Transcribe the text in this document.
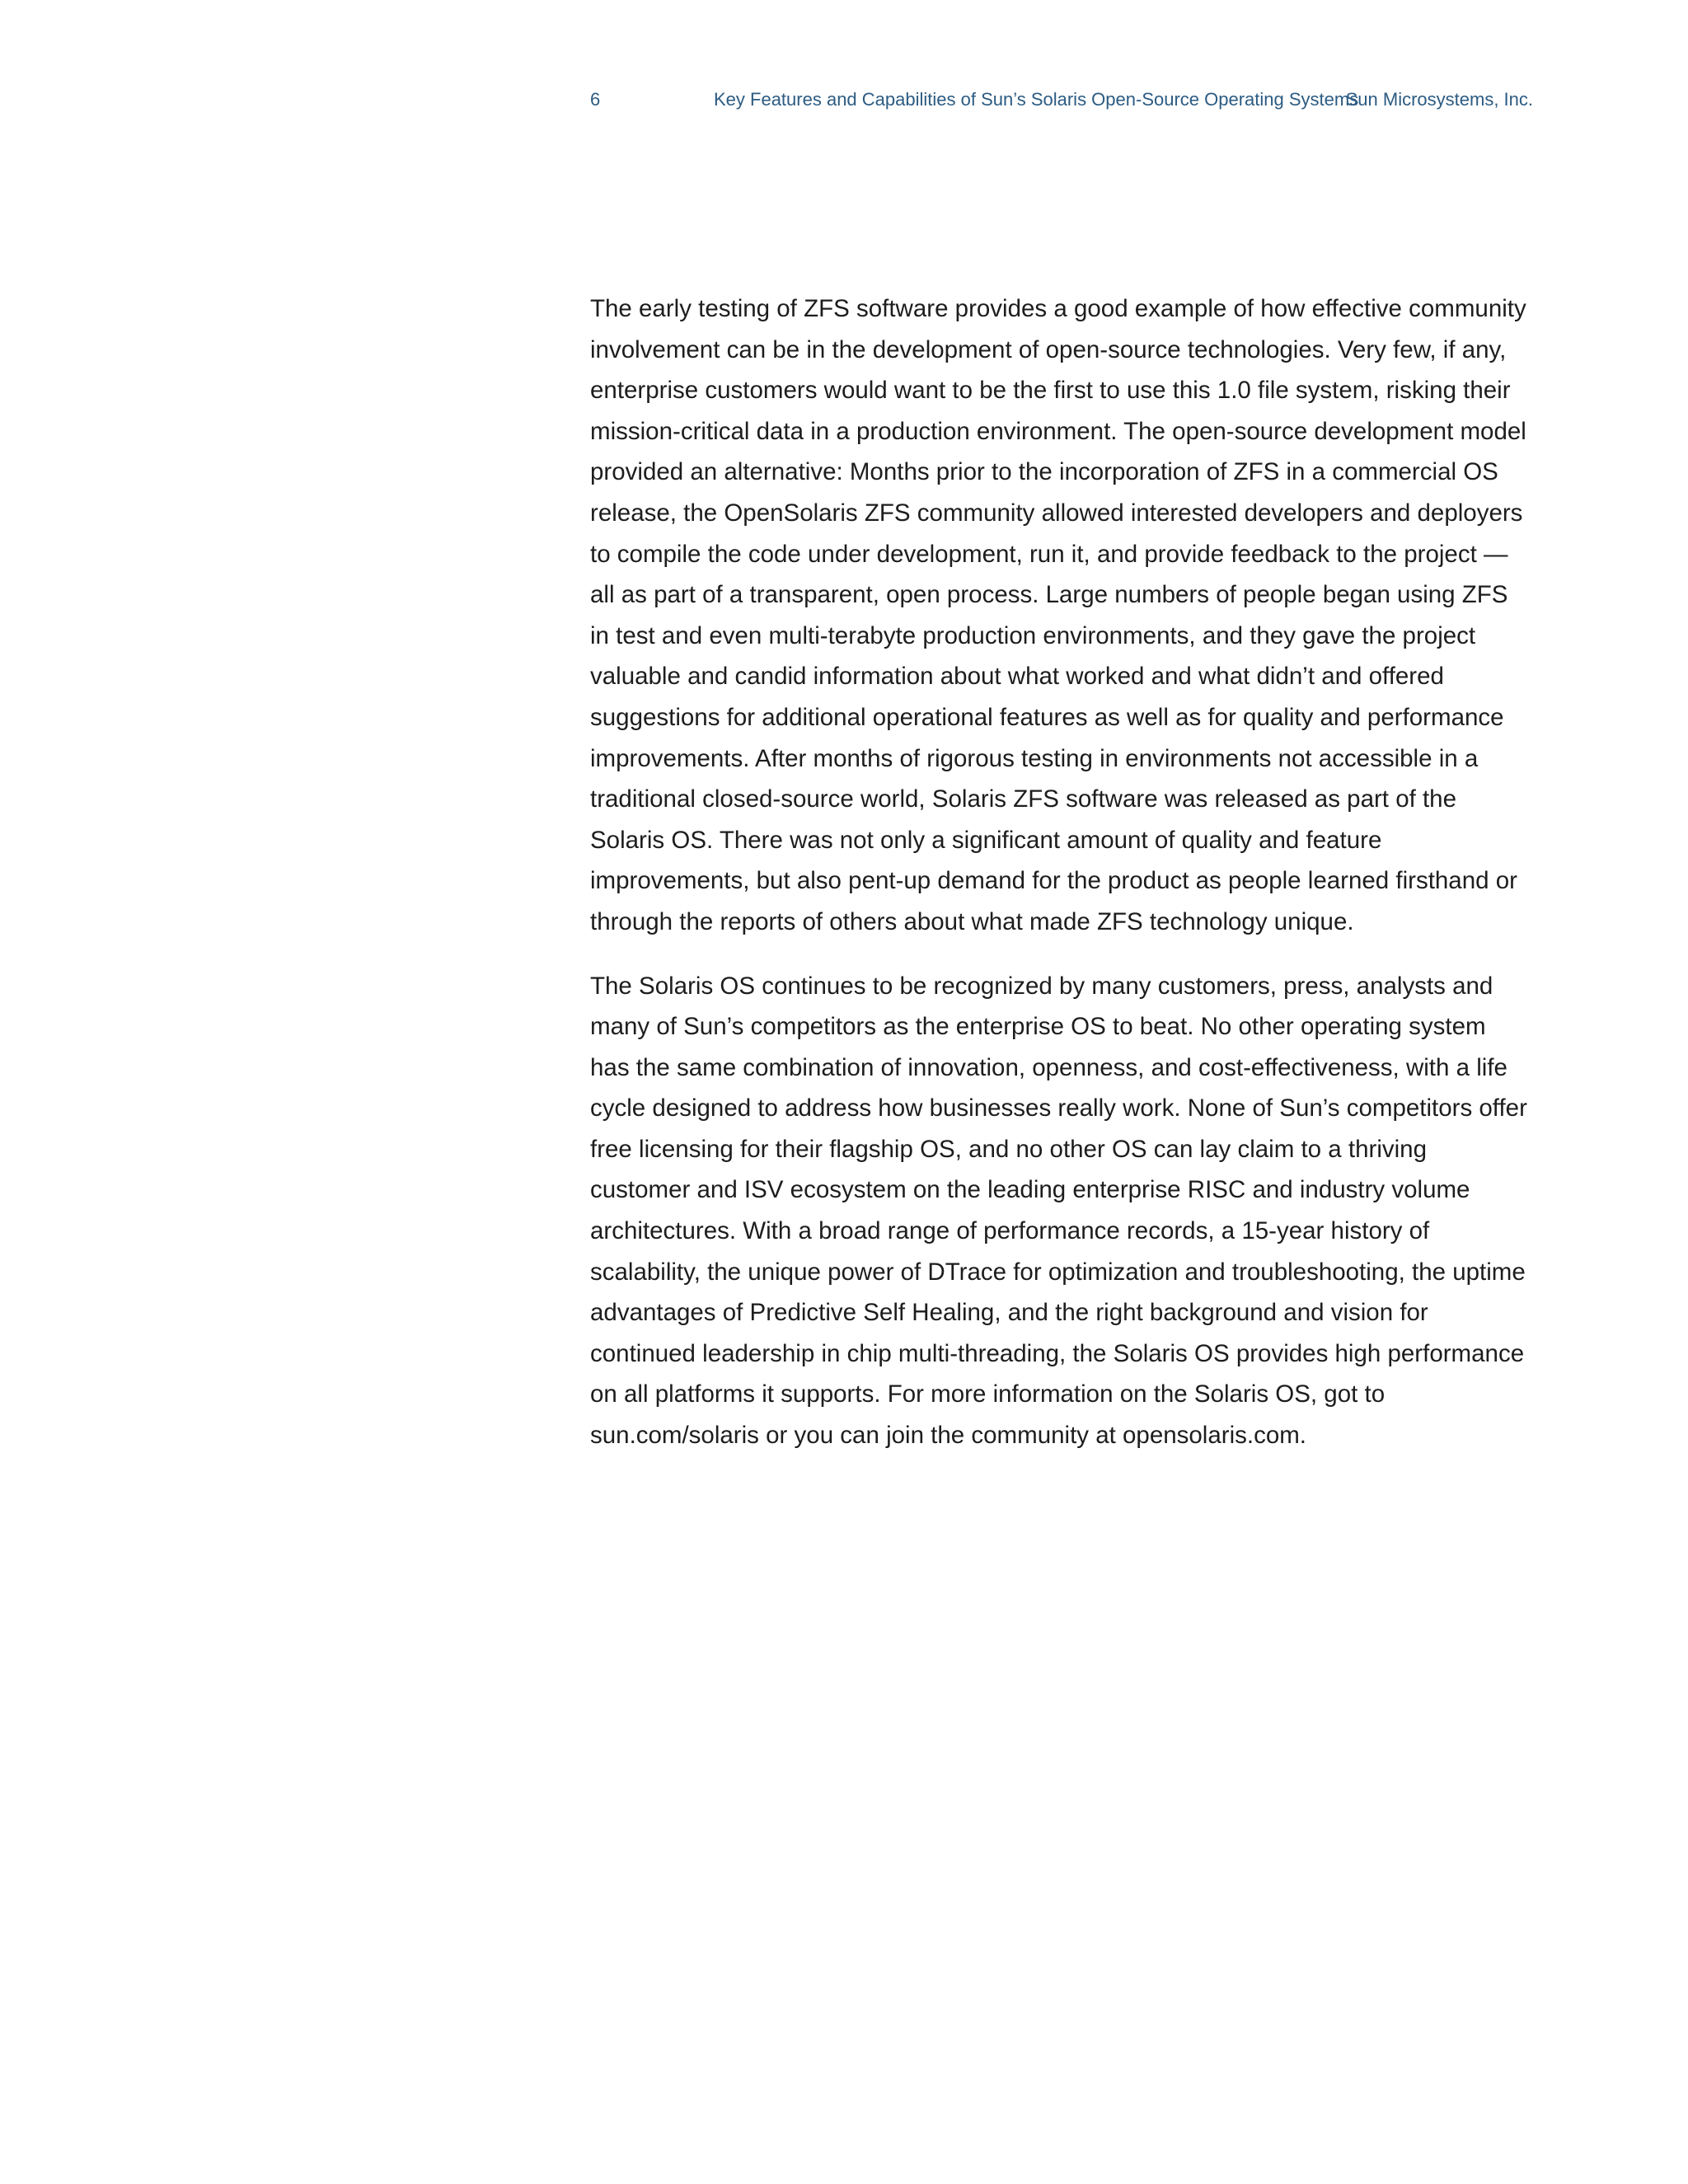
6	Key Features and Capabilities of Sun’s Solaris Open-Source Operating Systems
Sun Microsystems, Inc.

The early testing of ZFS software provides a good example of how effective community involvement can be in the development of open-source technologies. Very few, if any, enterprise customers would want to be the first to use this 1.0 file system, risking their mission-critical data in a production environment. The open-source development model provided an alternative: Months prior to the incorporation of ZFS in a commercial OS release, the OpenSolaris ZFS community allowed interested developers and deployers to compile the code under development, run it, and provide feedback to the project — all as part of a transparent, open process. Large numbers of people began using ZFS in test and even multi-terabyte production environments, and they gave the project valuable and candid information about what worked and what didn’t and offered suggestions for additional operational features as well as for quality and performance improvements. After months of rigorous testing in environments not accessible in a traditional closed-source world, Solaris ZFS software was released as part of the Solaris OS. There was not only a significant amount of quality and feature improvements, but also pent-up demand for the product as people learned firsthand or through the reports of others about what made ZFS technology unique.

The Solaris OS continues to be recognized by many customers, press, analysts and many of Sun’s competitors as the enterprise OS to beat. No other operating system has the same combination of innovation, openness, and cost-effectiveness, with a life cycle designed to address how businesses really work. None of Sun’s competitors offer free licensing for their flagship OS, and no other OS can lay claim to a thriving customer and ISV ecosystem on the leading enterprise RISC and industry volume architectures. With a broad range of performance records, a 15-year history of scalability, the unique power of DTrace for optimization and troubleshooting, the uptime advantages of Predictive Self Healing, and the right background and vision for continued leadership in chip multi-threading, the Solaris OS provides high performance on all platforms it supports. For more information on the Solaris OS, got to sun.com/solaris or you can join the community at opensolaris.com.
